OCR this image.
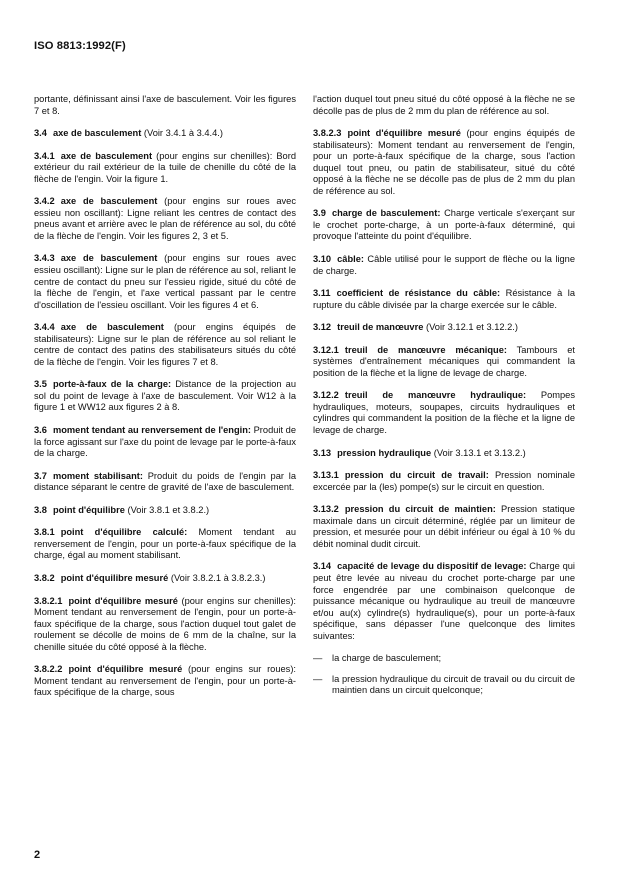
ISO 8813:1992(F)

portante, définissant ainsi l'axe de basculement. Voir les figures 7 et 8.

3.4 axe de basculement (Voir 3.4.1 à 3.4.4.)

3.4.1 axe de basculement (pour engins sur chenilles): Bord extérieur du rail extérieur de la tuile de chenille du côté de la flèche de l'engin. Voir la figure 1.

3.4.2 axe de basculement (pour engins sur roues avec essieu non oscillant): Ligne reliant les centres de contact des pneus avant et arrière avec le plan de référence au sol, du côté de la flèche de l'engin. Voir les figures 2, 3 et 5.

3.4.3 axe de basculement (pour engins sur roues avec essieu oscillant): Ligne sur le plan de référence au sol, reliant le centre de contact du pneu sur l'essieu rigide, situé du côté de la flèche de l'engin, et l'axe vertical passant par le centre d'oscillation de l'essieu oscillant. Voir les figures 4 et 6.

3.4.4 axe de basculement (pour engins équipés de stabilisateurs): Ligne sur le plan de référence au sol reliant le centre de contact des patins des stabilisateurs situés du côté de la flèche de l'engin. Voir les figures 7 et 8.

3.5 porte-à-faux de la charge: Distance de la projection au sol du point de levage à l'axe de basculement. Voir W12 à la figure 1 et WW12 aux figures 2 à 8.

3.6 moment tendant au renversement de l'engin: Produit de la force agissant sur l'axe du point de levage par le porte-à-faux de la charge.

3.7 moment stabilisant: Produit du poids de l'engin par la distance séparant le centre de gravité de l'axe de basculement.

3.8 point d'équilibre (Voir 3.8.1 et 3.8.2.)

3.8.1 point d'équilibre calculé: Moment tendant au renversement de l'engin, pour un porte-à-faux spécifique de la charge, égal au moment stabilisant.

3.8.2 point d'équilibre mesuré (Voir 3.8.2.1 à 3.8.2.3.)

3.8.2.1 point d'équilibre mesuré (pour engins sur chenilles): Moment tendant au renversement de l'engin, pour un porte-à-faux spécifique de la charge, sous l'action duquel tout galet de roulement se décolle de moins de 6 mm de la chaîne, sur la chenille située du côté opposé à la flèche.

3.8.2.2 point d'équilibre mesuré (pour engins sur roues): Moment tendant au renversement de l'engin, pour un porte-à-faux spécifique de la charge, sous

l'action duquel tout pneu situé du côté opposé à la flèche ne se décolle pas de plus de 2 mm du plan de référence au sol.

3.8.2.3 point d'équilibre mesuré (pour engins équipés de stabilisateurs): Moment tendant au renversement de l'engin, pour un porte-à-faux spécifique de la charge, sous l'action duquel tout pneu, ou patin de stabilisateur, situé du côté opposé à la flèche ne se décolle pas de plus de 2 mm du plan de référence au sol.

3.9 charge de basculement: Charge verticale s'exerçant sur le crochet porte-charge, à un porte-à-faux déterminé, qui provoque l'atteinte du point d'équilibre.

3.10 câble: Câble utilisé pour le support de flèche ou la ligne de charge.

3.11 coefficient de résistance du câble: Résistance à la rupture du câble divisée par la charge exercée sur le câble.

3.12 treuil de manœuvre (Voir 3.12.1 et 3.12.2.)

3.12.1 treuil de manœuvre mécanique: Tambours et systèmes d'entraînement mécaniques qui commandent la position de la flèche et la ligne de levage de charge.

3.12.2 treuil de manœuvre hydraulique: Pompes hydrauliques, moteurs, soupapes, circuits hydrauliques et cylindres qui commandent la position de la flèche et la ligne de levage de charge.

3.13 pression hydraulique (Voir 3.13.1 et 3.13.2.)

3.13.1 pression du circuit de travail: Pression nominale excercée par la (les) pompe(s) sur le circuit en question.

3.13.2 pression du circuit de maintien: Pression statique maximale dans un circuit déterminé, réglée par un limiteur de pression, et mesurée pour un débit inférieur ou égal à 10 % du débit nominal dudit circuit.

3.14 capacité de levage du dispositif de levage: Charge qui peut être levée au niveau du crochet porte-charge par une force engendrée par une combinaison quelconque de puissance mécanique ou hydraulique au treuil de manœuvre et/ou au(x) cylindre(s) hydraulique(s), pour un porte-à-faux spécifique, sans dépasser l'une quelconque des limites suivantes:

— la charge de basculement;
— la pression hydraulique du circuit de travail ou du circuit de maintien dans un circuit quelconque;
2
